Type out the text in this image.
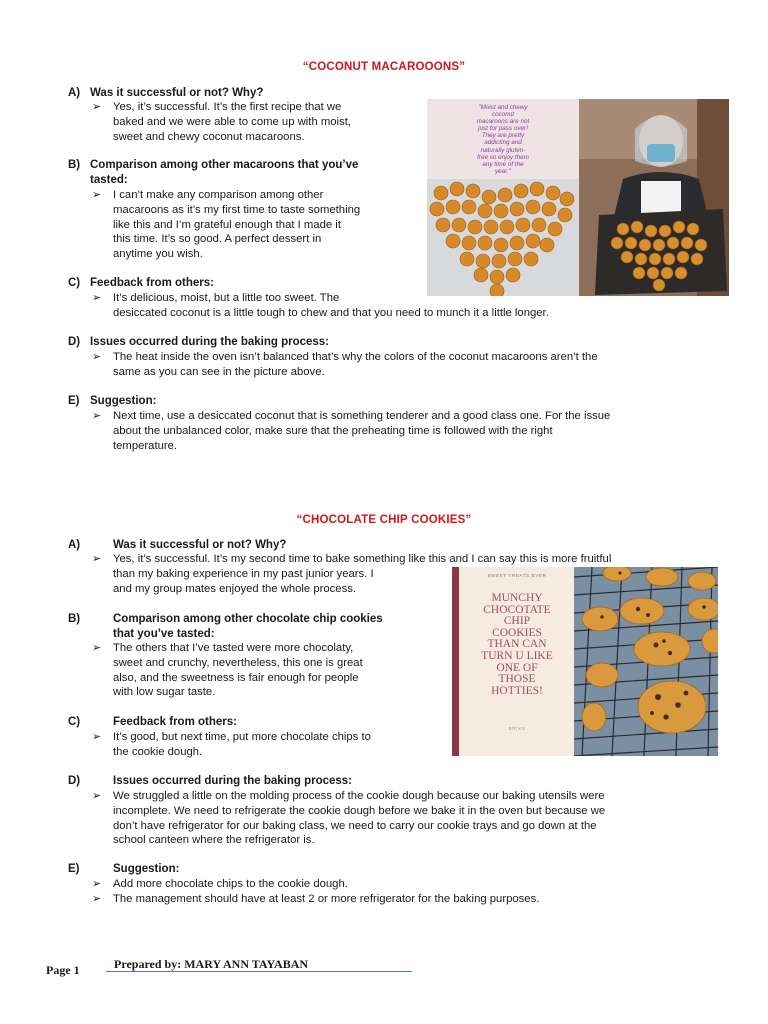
“COCONUT MACAROOONS”
A) Was it successful or not? Why?
➢ Yes, it’s successful. It’s the first recipe that we
baked and we were able to come up with moist,
sweet and chewy coconut macaroons.
B) Comparison among other macaroons that you’ve
tasted:
➢ I can’t make any comparison among other
macaroons as it’s my first time to taste something
like this and I’m grateful enough that I made it
this time. It’s so good. A perfect dessert in
anytime you wish.
C) Feedback from others:
➢ It’s delicious, moist, but a little too sweet. The
desiccated coconut is a little tough to chew and that you need to munch it a little longer.
D) Issues occurred during the baking process:
➢ The heat inside the oven isn’t balanced that’s why the colors of the coconut macaroons aren’t the
same as you can see in the picture above.
E) Suggestion:
➢ Next time, use a desiccated coconut that is something tenderer and a good class one. For the issue
about the unbalanced color, make sure that the preheating time is followed with the right
temperature.
"Moist and chewy
coconut
macaroons are not
just for pass over!
They are pretty
addicting and
naturally gluten-
free so enjoy them
any time of the
year."
“CHOCOLATE CHIP COOKIES”
A)	Was it successful or not? Why?
➢ Yes, it’s successful. It’s my second time to bake something like this and I can say this is more fruitful
than my baking experience in my past junior years. I
and my group mates enjoyed the whole process.
B)	Comparison among other chocolate chip cookies
that you’ve tasted:
➢ The others that I’ve tasted were more chocolaty,
sweet and crunchy, nevertheless, this one is great
also, and the sweetness is fair enough for people
with low sugar taste.
C)	Feedback from others:
➢ It’s good, but next time, put more chocolate chips to
the cookie dough.
D)	Issues occurred during the baking process:
➢ We struggled a little on the molding process of the cookie dough because our baking utensils were
incomplete. We need to refrigerate the cookie dough before we bake it in the oven but because we
don’t have refrigerator for our baking class, we need to carry our cookie trays and go down at the
school canteen where the refrigerator is.
E)	Suggestion:
➢ Add more chocolate chips to the cookie dough.
➢ The management should have at least 2 or more refrigerator for the baking purposes.
SWEET TREATS EVER
MUNCHY
CHOCOTATE
CHIP
COOKIES
THAN CAN
TURN U LIKE
ONE OF
THOSE
HOTTIES!
BRIXS
Prepared by: MARY ANN TAYABAN
Page 1
